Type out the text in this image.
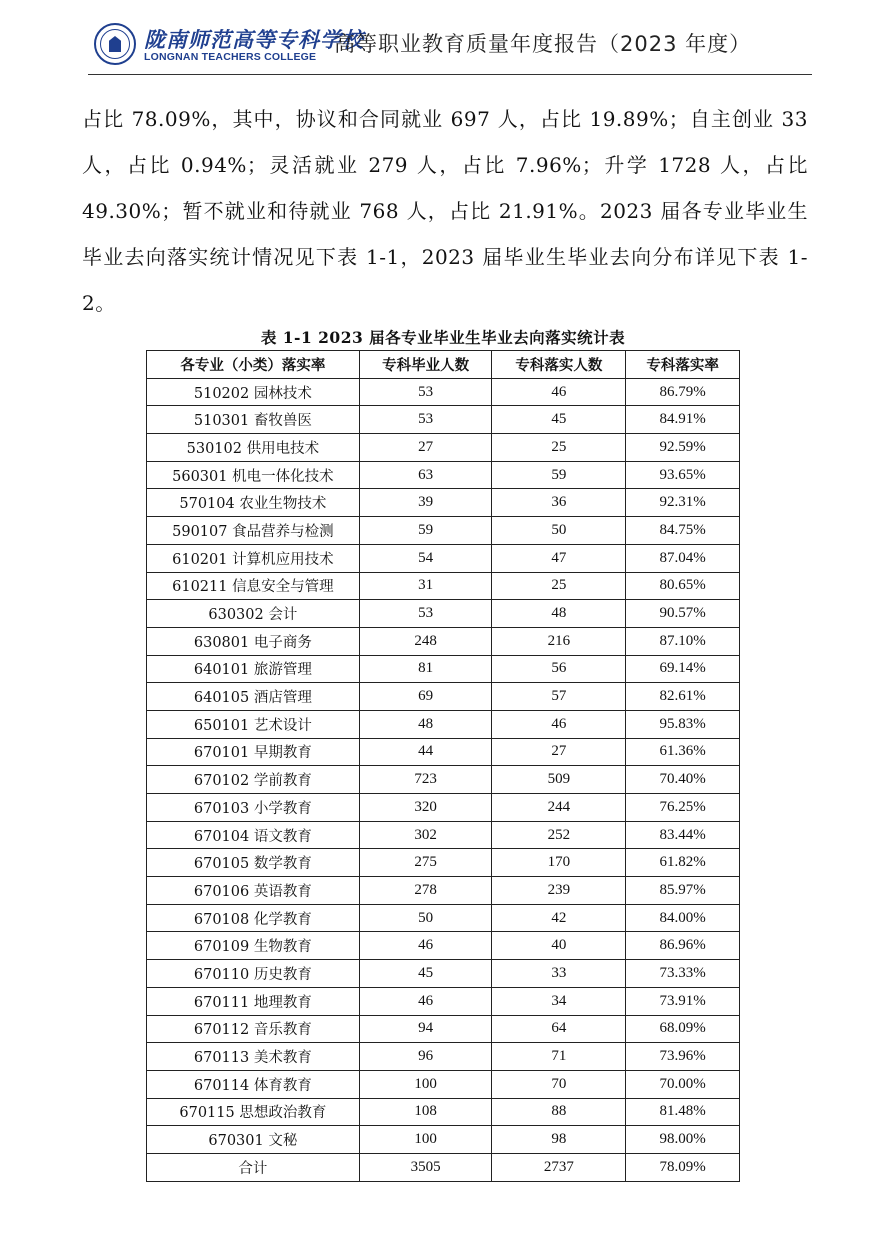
陇南师范高等专科学校
LONGNAN TEACHERS COLLEGE
高等职业教育质量年度报告（2023 年度）
占比 78.09%，其中，协议和合同就业 697 人，占比 19.89%；自主创业 33 人，占比 0.94%；灵活就业 279 人，占比 7.96%；升学 1728 人，占比 49.30%；暂不就业和待就业 768 人，占比 21.91%。2023 届各专业毕业生毕业去向落实统计情况见下表 1-1，2023 届毕业生毕业去向分布详见下表 1-2。
表 1-1 2023 届各专业毕业生毕业去向落实统计表
各专业（小类）落实率	专科毕业人数	专科落实人数	专科落实率
510202 园林技术	53	46	86.79%
510301 畜牧兽医	53	45	84.91%
530102 供用电技术	27	25	92.59%
560301 机电一体化技术	63	59	93.65%
570104 农业生物技术	39	36	92.31%
590107 食品营养与检测	59	50	84.75%
610201 计算机应用技术	54	47	87.04%
610211 信息安全与管理	31	25	80.65%
630302 会计	53	48	90.57%
630801 电子商务	248	216	87.10%
640101 旅游管理	81	56	69.14%
640105 酒店管理	69	57	82.61%
650101 艺术设计	48	46	95.83%
670101 早期教育	44	27	61.36%
670102 学前教育	723	509	70.40%
670103 小学教育	320	244	76.25%
670104 语文教育	302	252	83.44%
670105 数学教育	275	170	61.82%
670106 英语教育	278	239	85.97%
670108 化学教育	50	42	84.00%
670109 生物教育	46	40	86.96%
670110 历史教育	45	33	73.33%
670111 地理教育	46	34	73.91%
670112 音乐教育	94	64	68.09%
670113 美术教育	96	71	73.96%
670114 体育教育	100	70	70.00%
670115 思想政治教育	108	88	81.48%
670301 文秘	100	98	98.00%
合计	3505	2737	78.09%
